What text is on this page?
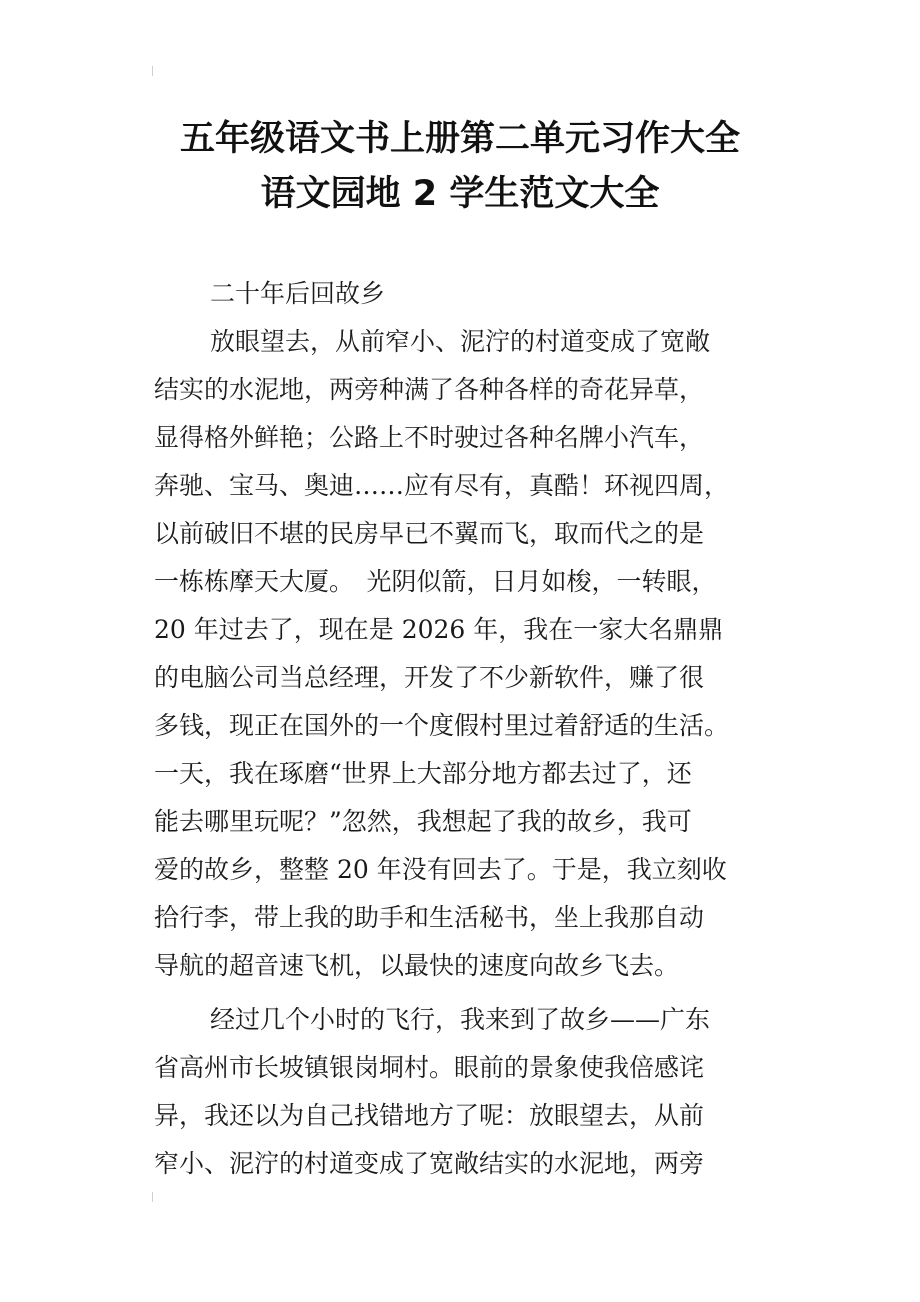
五年级语文书上册第二单元习作大全
语文园地 2 学生范文大全

二十年后回故乡

放眼望去，从前窄小、泥泞的村道变成了宽敞
结实的水泥地，两旁种满了各种各样的奇花异草，
显得格外鲜艳；公路上不时驶过各种名牌小汽车，
奔驰、宝马、奥迪……应有尽有，真酷！环视四周，
以前破旧不堪的民房早已不翼而飞，取而代之的是
一栋栋摩天大厦。　光阴似箭，日月如梭，一转眼，
20 年过去了，现在是 2026 年，我在一家大名鼎鼎
的电脑公司当总经理，开发了不少新软件，赚了很
多钱，现正在国外的一个度假村里过着舒适的生活。
一天，我在琢磨“世界上大部分地方都去过了，还
能去哪里玩呢？”忽然，我想起了我的故乡，我可
爱的故乡，整整 20 年没有回去了。于是，我立刻收
拾行李，带上我的助手和生活秘书，坐上我那自动
导航的超音速飞机，以最快的速度向故乡飞去。

经过几个小时的飞行，我来到了故乡——广东
省高州市长坡镇银岗垌村。眼前的景象使我倍感诧
异，我还以为自己找错地方了呢：放眼望去，从前
窄小、泥泞的村道变成了宽敞结实的水泥地，两旁
